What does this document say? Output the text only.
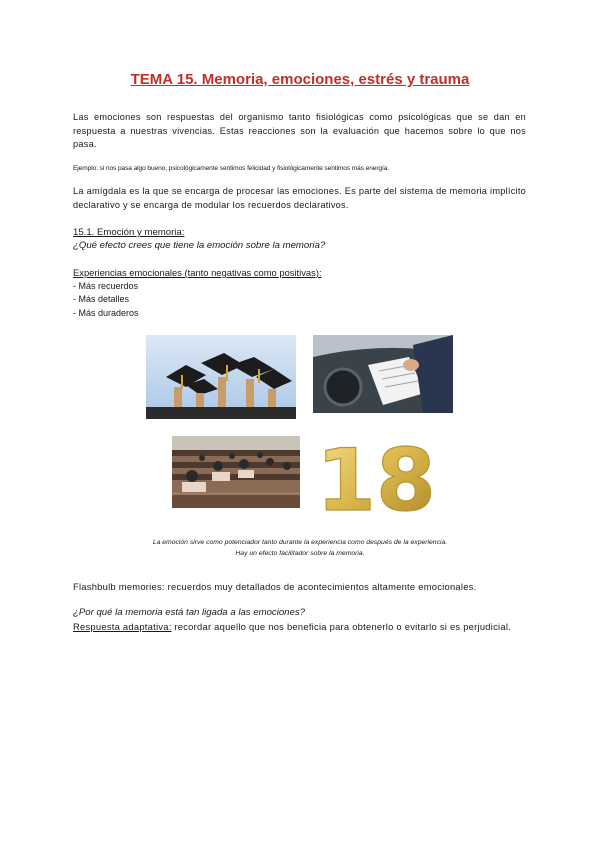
TEMA 15. Memoria, emociones, estrés y trauma
Las emociones son respuestas del organismo tanto fisiológicas como psicológicas que se dan en respuesta a nuestras vivencias. Estas reacciones son la evaluación que hacemos sobre lo que nos pasa.
Ejemplo: si nos pasa algo bueno, psicológicamente sentimos felicidad y fisiológicamente sentimos más energía.
La amígdala es la que se encarga de procesar las emociones. Es parte del sistema de memoria implícito declarativo y se encarga de modular los recuerdos declarativos.
15.1. Emoción y memoria:
¿Qué efecto crees que tiene la emoción sobre la memoria?
Experiencias emocionales (tanto negativas como positivas):
- Más recuerdos
- Más detalles
- Más duraderos
18
La emoción sirve como potenciador tanto durante la experiencia como después de la experiencia.
Hay un efecto facilitador sobre la memoria.
Flashbulb memories: recuerdos muy detallados de acontecimientos altamente emocionales.
¿Por qué la memoria está tan ligada a las emociones?
Respuesta adaptativa: recordar aquello que nos beneficia para obtenerlo o evitarlo si es perjudicial.
